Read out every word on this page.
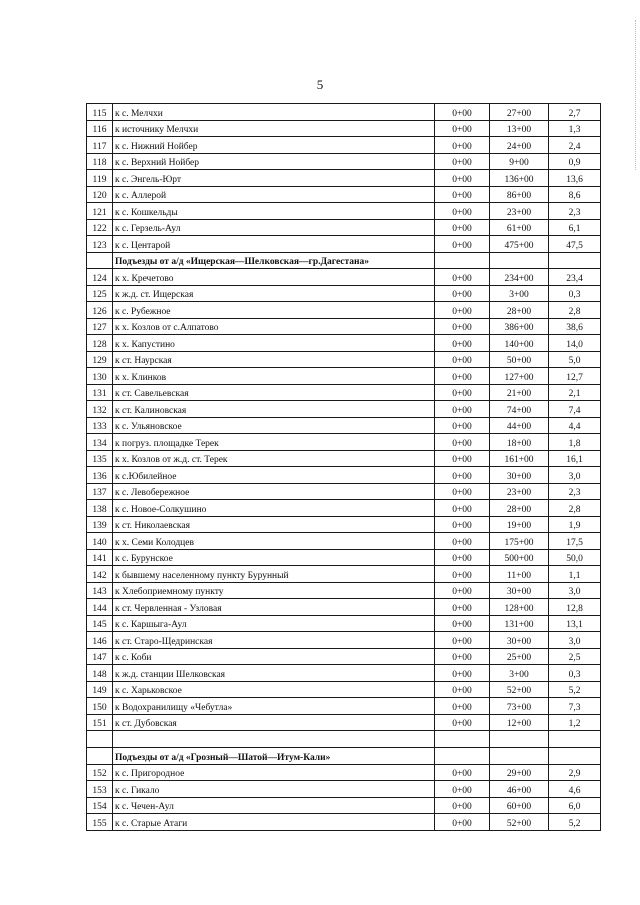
5
115	к с. Мелчхи	0+00	27+00	2,7
116	к источнику Мелчхи	0+00	13+00	1,3
117	к с. Нижний Нойбер	0+00	24+00	2,4
118	к с. Верхний Нойбер	0+00	9+00	0,9
119	к с. Энгель-Юрт	0+00	136+00	13,6
120	к с. Аллерой	0+00	86+00	8,6
121	к с. Кошкельды	0+00	23+00	2,3
122	к с. Герзель-Аул	0+00	61+00	6,1
123	к с. Центарой	0+00	475+00	47,5
	Подъезды от а/д «Ищерская—Шелковская—гр.Дагестана»			
124	к х. Кречетово	0+00	234+00	23,4
125	к ж.д. ст. Ищерская	0+00	3+00	0,3
126	к с. Рубежное	0+00	28+00	2,8
127	к х. Козлов от с.Алпатово	0+00	386+00	38,6
128	к х. Капустино	0+00	140+00	14,0
129	к ст. Наурская	0+00	50+00	5,0
130	к х. Клинков	0+00	127+00	12,7
131	к ст. Савельевская	0+00	21+00	2,1
132	к ст. Калиновская	0+00	74+00	7,4
133	к с. Ульяновское	0+00	44+00	4,4
134	к погруз. площадке Терек	0+00	18+00	1,8
135	к х. Козлов от ж.д. ст. Терек	0+00	161+00	16,1
136	к с.Юбилейное	0+00	30+00	3,0
137	к с. Левобережное	0+00	23+00	2,3
138	к с. Новое-Солкушино	0+00	28+00	2,8
139	к ст. Николаевская	0+00	19+00	1,9
140	к х. Семи Колодцев	0+00	175+00	17,5
141	к с. Бурунское	0+00	500+00	50,0
142	к бывшему населенному пункту Бурунный	0+00	11+00	1,1
143	к Хлебоприемному пункту	0+00	30+00	3,0
144	к ст. Червленная - Узловая	0+00	128+00	12,8
145	к с. Каршыга-Аул	0+00	131+00	13,1
146	к ст. Старо-Щедринская	0+00	30+00	3,0
147	к с. Коби	0+00	25+00	2,5
148	к ж.д. станции Шелковская	0+00	3+00	0,3
149	к с. Харьковское	0+00	52+00	5,2
150	к Водохранилищу «Чебутла»	0+00	73+00	7,3
151	к ст. Дубовская	0+00	12+00	1,2

	Подъезды от а/д «Грозный—Шатой—Итум-Кали»			
152	к с. Пригородное	0+00	29+00	2,9
153	к с. Гикало	0+00	46+00	4,6
154	к с. Чечен-Аул	0+00	60+00	6,0
155	к с. Старые Атаги	0+00	52+00	5,2
